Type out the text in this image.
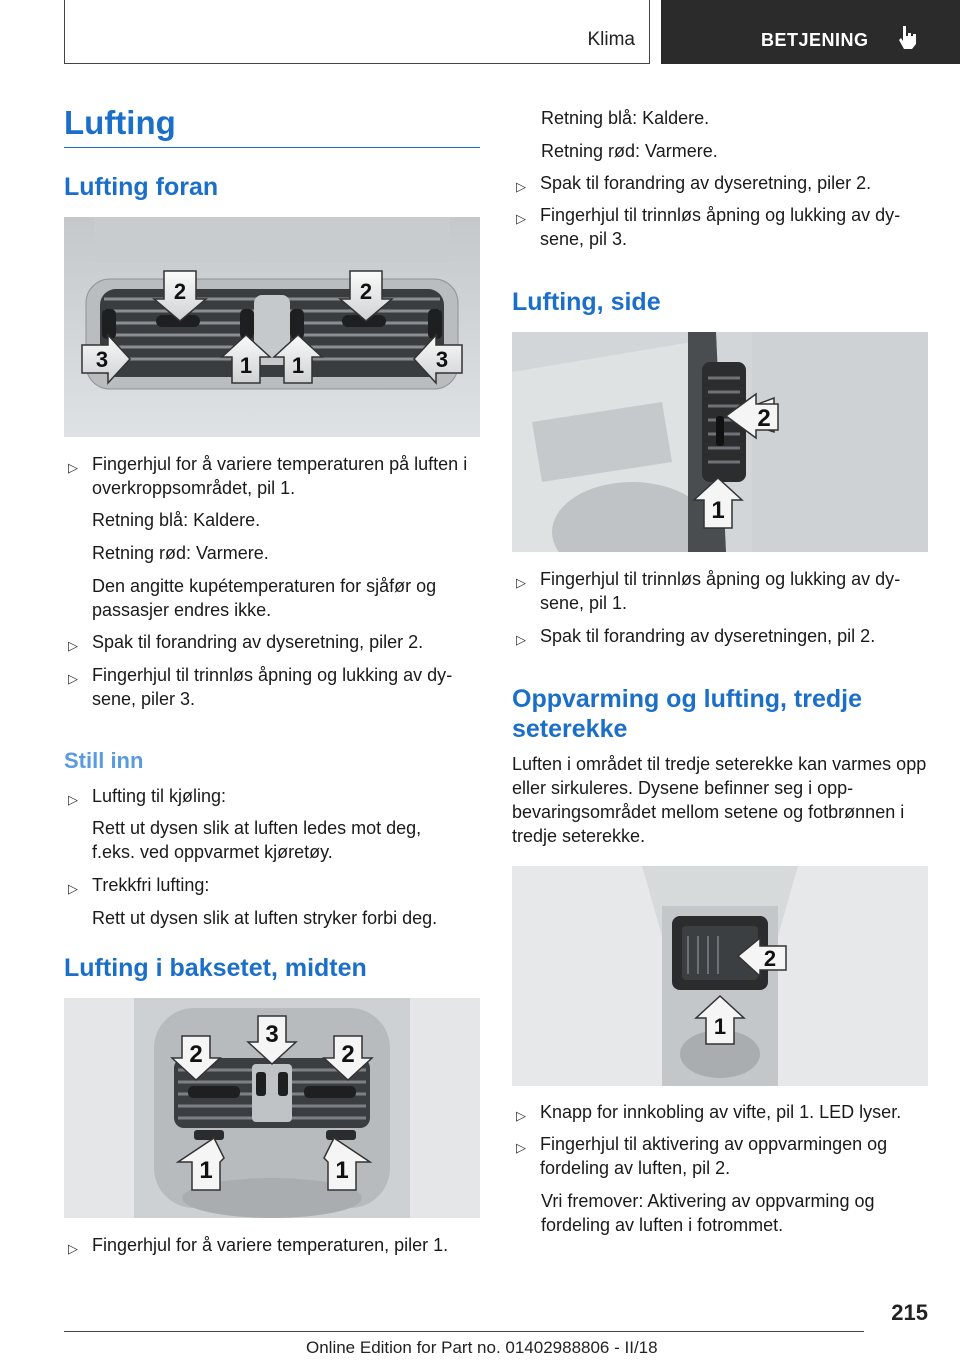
Klima	BETJENING
Lufting
Lufting foran
2	2
3	1 1	3
▷ Fingerhjul for å variere temperaturen på luften i overkroppsområdet, pil 1.
Retning blå: Kaldere.
Retning rød: Varmere.
Den angitte kupétemperaturen for sjåfør og passasjer endres ikke.
▷ Spak til forandring av dyseretning, piler 2.
▷ Fingerhjul til trinnløs åpning og lukking av dysene, piler 3.
Still inn
▷ Lufting til kjøling:
Rett ut dysen slik at luften ledes mot deg, f.eks. ved oppvarmet kjøretøy.
▷ Trekkfri lufting:
Rett ut dysen slik at luften stryker forbi deg.
Lufting i baksetet, midten
2
3
2
1	1
▷ Fingerhjul for å variere temperaturen, piler 1.
Retning blå: Kaldere.
Retning rød: Varmere.
▷ Spak til forandring av dyseretning, piler 2.
▷ Fingerhjul til trinnløs åpning og lukking av dysene, pil 3.
Lufting, side
2
1
▷ Fingerhjul til trinnløs åpning og lukking av dysene, pil 1.
▷ Spak til forandring av dyseretningen, pil 2.
Oppvarming og lufting, tredje seterekke

Luften i området til tredje seterekke kan varmes opp eller sirkuleres. Dysene befinner seg i oppbevaringsområdet mellom setene og fotbrønnen i tredje seterekke.

2
1
▷ Knapp for innkobling av vifte, pil 1. LED lyser.
▷ Fingerhjul til aktivering av oppvarmingen og fordeling av luften, pil 2.
Vri fremover: Aktivering av oppvarming og fordeling av luften i fotrommet.
215
Online Edition for Part no. 01402988806 - II/18
